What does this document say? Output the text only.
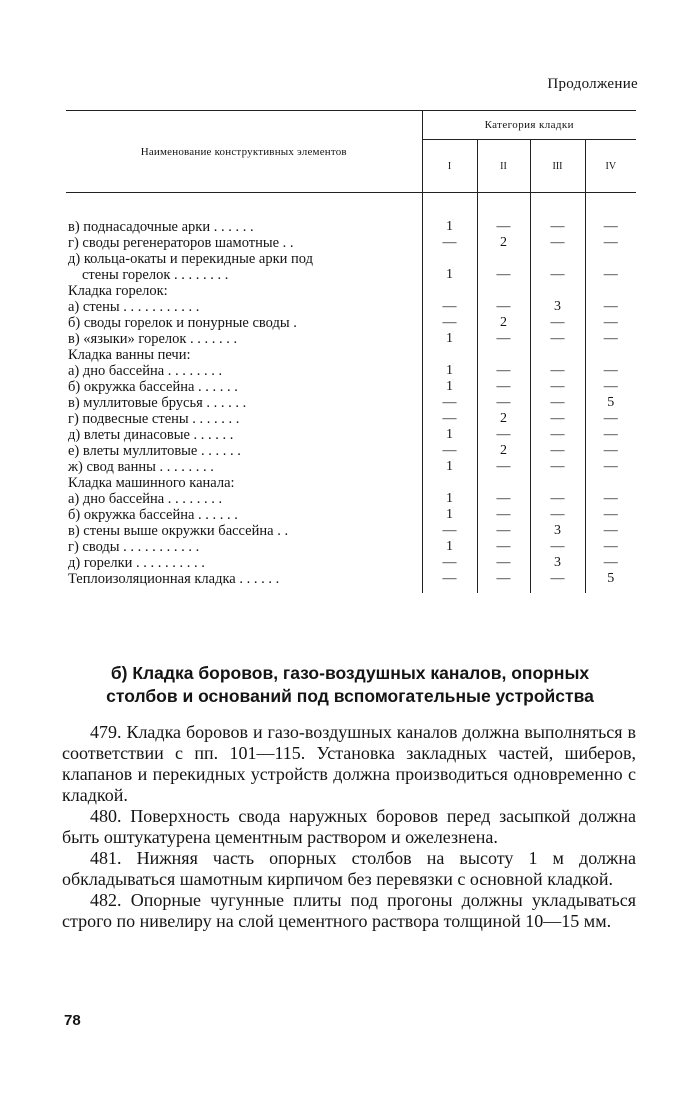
Продолжение
Наименование конструктивных элементов	Категория кладки			
	I	II	III	IV

в) поднасадочные арки . . . . . .	1	—	—	—
г) своды регенераторов шамотные . .	—	2	—	—
д) кольца-окаты и перекидные арки под				
стены горелок . . . . . . . .	1	—	—	—
Кладка горелок:				
а) стены . . . . . . . . . . .	—	—	3	—
б) своды горелок и понурные своды .	—	2	—	—
в) «языки» горелок . . . . . . .	1	—	—	—
Кладка ванны печи:				
а) дно бассейна . . . . . . . .	1	—	—	—
б) окружка бассейна . . . . . .	1	—	—	—
в) муллитовые брусья . . . . . .	—	—	—	5
г) подвесные стены . . . . . . .	—	2	—	—
д) влеты динасовые . . . . . .	1	—	—	—
е) влеты муллитовые . . . . . .	—	2	—	—
ж) свод ванны . . . . . . . .	1	—	—	—
Кладка машинного канала:				
а) дно бассейна . . . . . . . .	1	—	—	—
б) окружка бассейна . . . . . .	1	—	—	—
в) стены выше окружки бассейна . .	—	—	3	—
г) своды . . . . . . . . . . .	1	—	—	—
д) горелки . . . . . . . . . .	—	—	3	—
Теплоизоляционная кладка . . . . . .	—	—	—	5
б) Кладка боровов, газо-воздушных каналов, опорных
столбов и оснований под вспомогательные устройства

479. Кладка боровов и газо-воздушных каналов должна выполняться в соответствии с пп. 101—115. Установка закладных частей, шиберов, клапанов и перекидных устройств должна производиться одновременно с кладкой.

480. Поверхность свода наружных боровов перед засыпкой должна быть оштукатурена цементным раствором и ожелезнена.

481. Нижняя часть опорных столбов на высоту 1 м должна обкладываться шамотным кирпичом без перевязки с основной кладкой.

482. Опорные чугунные плиты под прогоны должны укладываться строго по нивелиру на слой цементного раствора толщиной 10—15 мм.

78
